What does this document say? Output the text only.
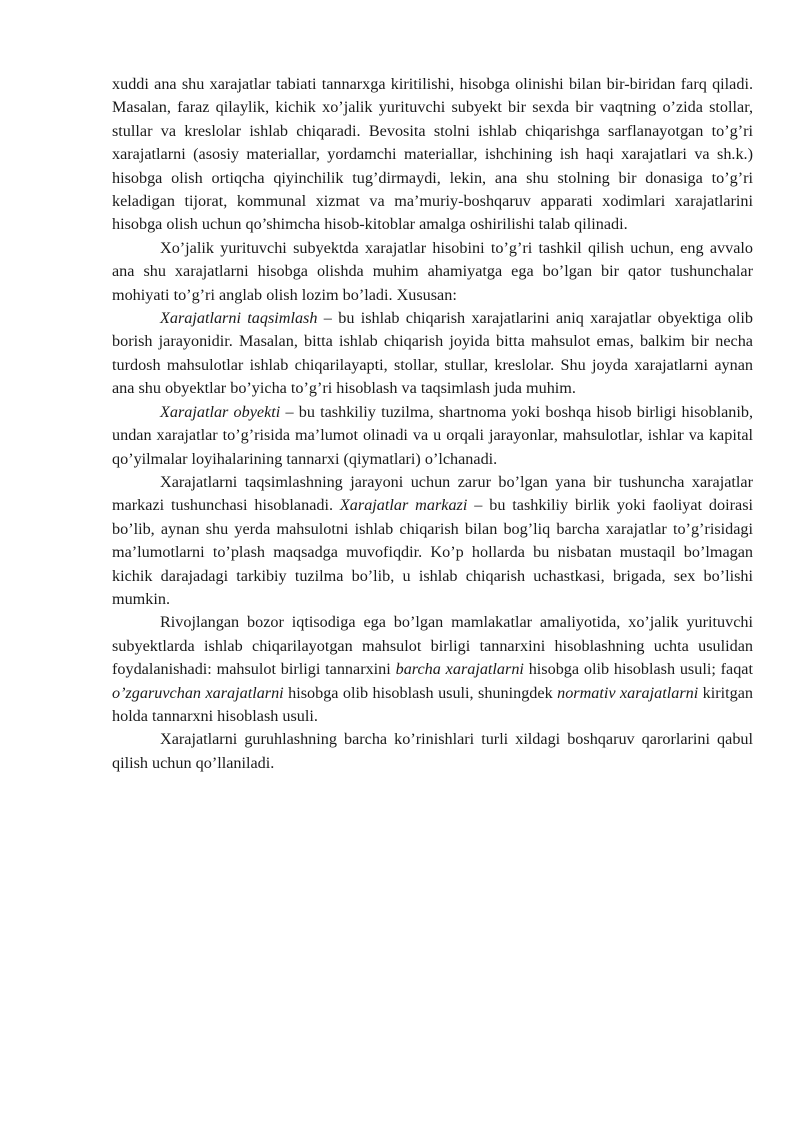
xuddi ana shu xarajatlar tabiati tannarxga kiritilishi, hisobga olinishi bilan bir-biridan farq qiladi. Masalan, faraz qilaylik, kichik xo’jalik yurituvchi subyekt bir sexda bir vaqtning o’zida stollar, stullar va kreslolar ishlab chiqaradi. Bevosita stolni ishlab chiqarishga sarflanayotgan to’g’ri xarajatlarni (asosiy materiallar, yordamchi materiallar, ishchining ish haqi xarajatlari va sh.k.) hisobga olish ortiqcha qiyinchilik tug’dirmaydi, lekin, ana shu stolning bir donasiga to’g’ri keladigan tijorat, kommunal xizmat va ma’muriy-boshqaruv apparati xodimlari xarajatlarini hisobga olish uchun qo’shimcha hisob-kitoblar amalga oshirilishi talab qilinadi.

Xo’jalik yurituvchi subyektda xarajatlar hisobini to’g’ri tashkil qilish uchun, eng avvalo ana shu xarajatlarni hisobga olishda muhim ahamiyatga ega bo’lgan bir qator tushunchalar mohiyati to’g’ri anglab olish lozim bo’ladi. Xususan:

Xarajatlarni taqsimlash – bu ishlab chiqarish xarajatlarini aniq xarajatlar obyektiga olib borish jarayonidir. Masalan, bitta ishlab chiqarish joyida bitta mahsulot emas, balkim bir necha turdosh mahsulotlar ishlab chiqarilayapti, stollar, stullar, kreslolar. Shu joyda xarajatlarni aynan ana shu obyektlar bo’yicha to’g’ri hisoblash va taqsimlash juda muhim.

Xarajatlar obyekti – bu tashkiliy tuzilma, shartnoma yoki boshqa hisob birligi hisoblanib, undan xarajatlar to’g’risida ma’lumot olinadi va u orqali jarayonlar, mahsulotlar, ishlar va kapital qo’yilmalar loyihalarining tannarxi (qiymatlari) o’lchanadi.

Xarajatlarni taqsimlashning jarayoni uchun zarur bo’lgan yana bir tushuncha xarajatlar markazi tushunchasi hisoblanadi. Xarajatlar markazi – bu tashkiliy birlik yoki faoliyat doirasi bo’lib, aynan shu yerda mahsulotni ishlab chiqarish bilan bog’liq barcha xarajatlar to’g’risidagi ma’lumotlarni to’plash maqsadga muvofiqdir. Ko’p hollarda bu nisbatan mustaqil bo’lmagan kichik darajadagi tarkibiy tuzilma bo’lib, u ishlab chiqarish uchastkasi, brigada, sex bo’lishi mumkin.

Rivojlangan bozor iqtisodiga ega bo’lgan mamlakatlar amaliyotida, xo’jalik yurituvchi subyektlarda ishlab chiqarilayotgan mahsulot birligi tannarxini hisoblashning uchta usulidan foydalanishadi: mahsulot birligi tannarxini barcha xarajatlarni hisobga olib hisoblash usuli; faqat o’zgaruvchan xarajatlarni hisobga olib hisoblash usuli, shuningdek normativ xarajatlarni kiritgan holda tannarxni hisoblash usuli.

Xarajatlarni guruhlashning barcha ko’rinishlari turli xildagi boshqaruv qarorlarini qabul qilish uchun qo’llaniladi.
